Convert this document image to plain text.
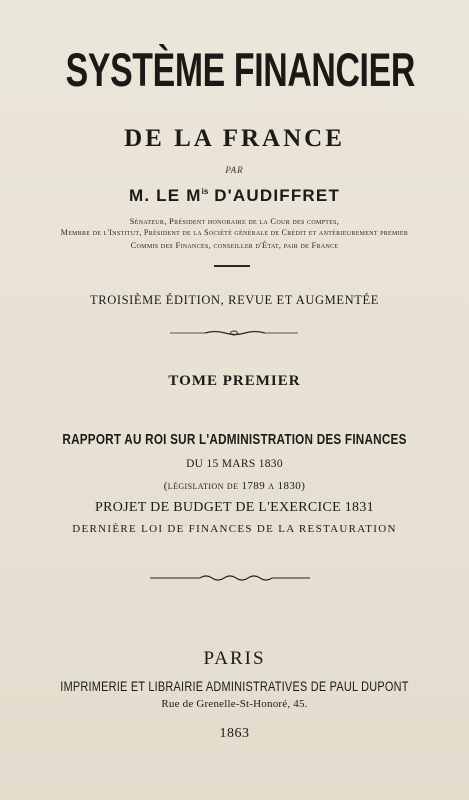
SYSTÈME FINANCIER
DE LA FRANCE
PAR
M. LE $M^{is}$ D'AUDIFFRET
Sénateur, Président honoraire de la Cour des comptes,
Membre de l'Institut, Président de la Société générale de Crédit et antérieurement premier
Commis des Finances, conseiller d'État, pair de France
TROISIÈME ÉDITION, REVUE ET AUGMENTÉE
TOME PREMIER
RAPPORT AU ROI SUR L'ADMINISTRATION DES FINANCES
DU 15 MARS 1830
(législation de 1789 a 1830)
PROJET DE BUDGET DE L'EXERCICE 1831
DERNIÈRE LOI DE FINANCES DE LA RESTAURATION
PARIS
IMPRIMERIE ET LIBRAIRIE ADMINISTRATIVES DE PAUL DUPONT
Rue de Grenelle-St-Honoré, 45.
1863
